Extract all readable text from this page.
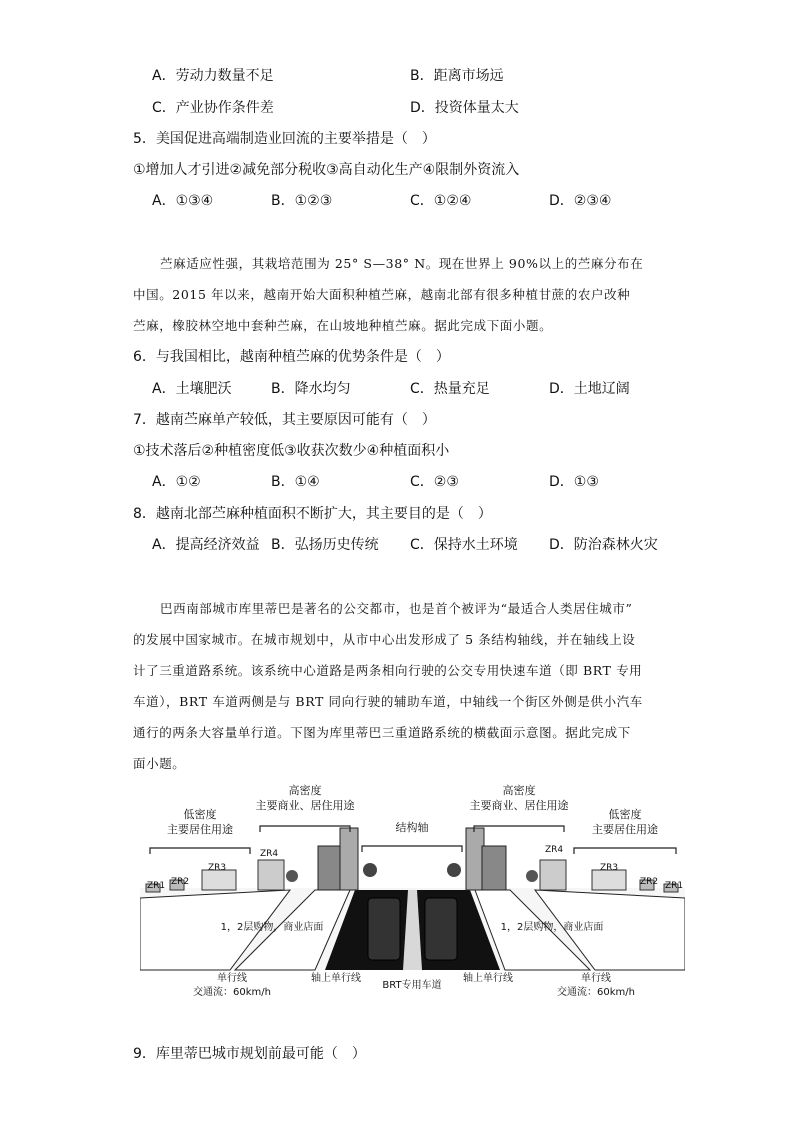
A．劳动力数量不足	B．距离市场远
C．产业协作条件差	D．投资体量太大
5．美国促进高端制造业回流的主要举措是（　）
①增加人才引进②减免部分税收③高自动化生产④限制外资流入
A．①③④	B．①②③	C．①②④	D．②③④
苎麻适应性强，其栽培范围为 25° S—38° N。现在世界上 90%以上的苎麻分布在
中国。2015 年以来，越南开始大面积种植苎麻，越南北部有很多种植甘蔗的农户改种
苎麻，橡胶林空地中套种苎麻，在山坡地种植苎麻。据此完成下面小题。
6．与我国相比，越南种植苎麻的优势条件是（　）
A．土壤肥沃	B．降水均匀	C．热量充足	D．土地辽阔
7．越南苎麻单产较低，其主要原因可能有（　）
①技术落后②种植密度低③收获次数少④种植面积小
A．①②	B．①④	C．②③	D．①③
8．越南北部苎麻种植面积不断扩大，其主要目的是（　）
A．提高经济效益 B．弘扬历史传统 C．保持水土环境 D．防治森林火灾
巴西南部城市库里蒂巴是著名的公交都市，也是首个被评为“最适合人类居住城市”
的发展中国家城市。在城市规划中，从市中心出发形成了 5 条结构轴线，并在轴线上设
计了三重道路系统。该系统中心道路是两条相向行驶的公交专用快速车道（即 BRT 专用
车道），BRT 车道两侧是与 BRT 同向行驶的辅助车道，中轴线一个街区外侧是供小汽车
通行的两条大容量单行道。下图为库里蒂巴三重道路系统的横截面示意图。据此完成下
面小题。
低密度
主要居住用途
高密度
主要商业、居住用途
结构轴
高密度
主要商业、居住用途
低密度
主要居住用途
ZR1 ZR2
ZR3
ZR4	ZR4
ZR3
ZR2 ZR1
1，2层购物，商业店面	1，2层购物，商业店面
单行线
交通流：60km/h
轴上单行线
BRT专用车道
轴上单行线	单行线
交通流：60km/h
9．库里蒂巴城市规划前最可能（　）
